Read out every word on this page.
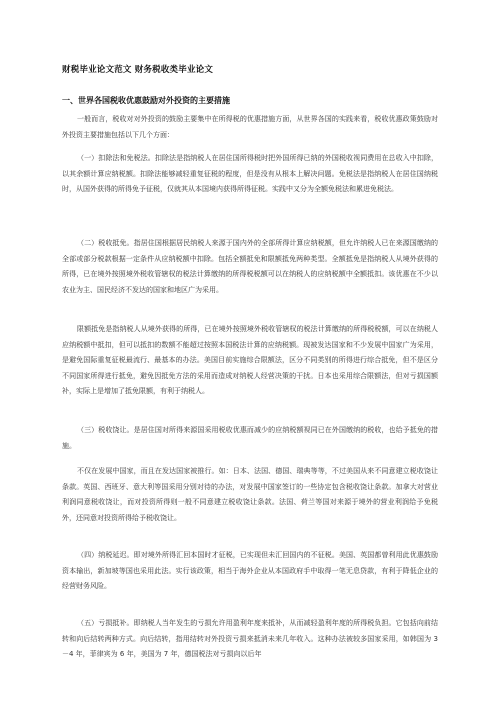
财税毕业论文范文 财务税收类毕业论文
一、世界各国税收优惠鼓励对外投资的主要措施

一般而言，税收对对外投资的鼓励主要集中在所得税的优惠措施方面，从世界各国的实践来看，税收优惠政策鼓励对外投资主要措施包括以下几个方面：

（一）扣除法和免税法。扣除法是指纳税人在居住国所得税时把外国所得已纳的外国税收视同费用在总收入中扣除，以其余额计算应纳税额。扣除法能够减轻重复征税的程度，但是没有从根本上解决问题。免税法是指纳税人在居住国纳税时，从国外获得的所得免予征税，仅就其从本国境内获得所得征税。实践中又分为全额免税法和累进免税法。

（二）税收抵免。指居住国根据居民纳税人来源于国内外的全部所得计算应纳税额，但允许纳税人已在来源国缴纳的全部或部分税款根据一定条件从应纳税额中扣除。包括全额抵免和限额抵免两种类型。全额抵免是指纳税人从境外获得的所得，已在境外按照境外税收管辖权的税法计算缴纳的所得税税额可以在纳税人的应纳税额中全额抵扣。该优惠在不少以农业为主、国民经济不发达的国家和地区广为采用。

限额抵免是指纳税人从境外获得的所得，已在境外按照境外税收管辖权的税法计算缴纳的所得税税额，可以在纳税人应纳税额中抵扣，但可以抵扣的数额不能超过按照本国税法计算的应纳税额。现被发达国家和不少发展中国家广为采用，是避免国际重复征税最流行、最基本的办法。美国目前实施综合限额法，区分不同类别的所得进行综合抵免，但不是区分不同国家所得进行抵免，避免因抵免方法的采用而造成对纳税人经营决策的干扰。日本也采用综合限额法，但对亏损国额补，实际上是增加了抵免限额，有利于纳税人。

（三）税收饶让。是居住国对所得来源国采用税收优惠而减少的应纳税额视同已在外国缴纳的税收，也给予抵免的措施。

不仅在发展中国家，而且在发达国家被推行。如：日本、法国、德国、瑞典等等，不过美国从来不同意建立税收饶让条款。英国、西班牙、意大利等国采用分别对待的办法，对发展中国家签订的一些协定包含税收饶让条款。加拿大对营业利润同意税收饶让，而对投资所得则一般不同意建立税收饶让条款。法国、荷兰等国对来源于境外的营业利润给予免税外，还同意对投资所得给予税收饶让。

（四）纳税延迟。即对境外所得汇回本国时才征税，已实现但未汇回国内的不征税。美国、英国都曾利用此优惠鼓励资本输出，新加坡等国也采用此法。实行该政策，相当于海外企业从本国政府手中取得一笔无息贷款，有利于降低企业的经营财务风险。

（五）亏损抵补。即纳税人当年发生的亏损允许用盈利年度来抵补，从而减轻盈利年度的所得税负担。它包括向前结转和向后结转两种方式。向后结转，指用结转对外投资亏损来抵消未来几年收入。这种办法被较多国家采用，如韩国为 3－4 年，菲律宾为 6 年，美国为 7 年，德国税法对亏损向以后年
